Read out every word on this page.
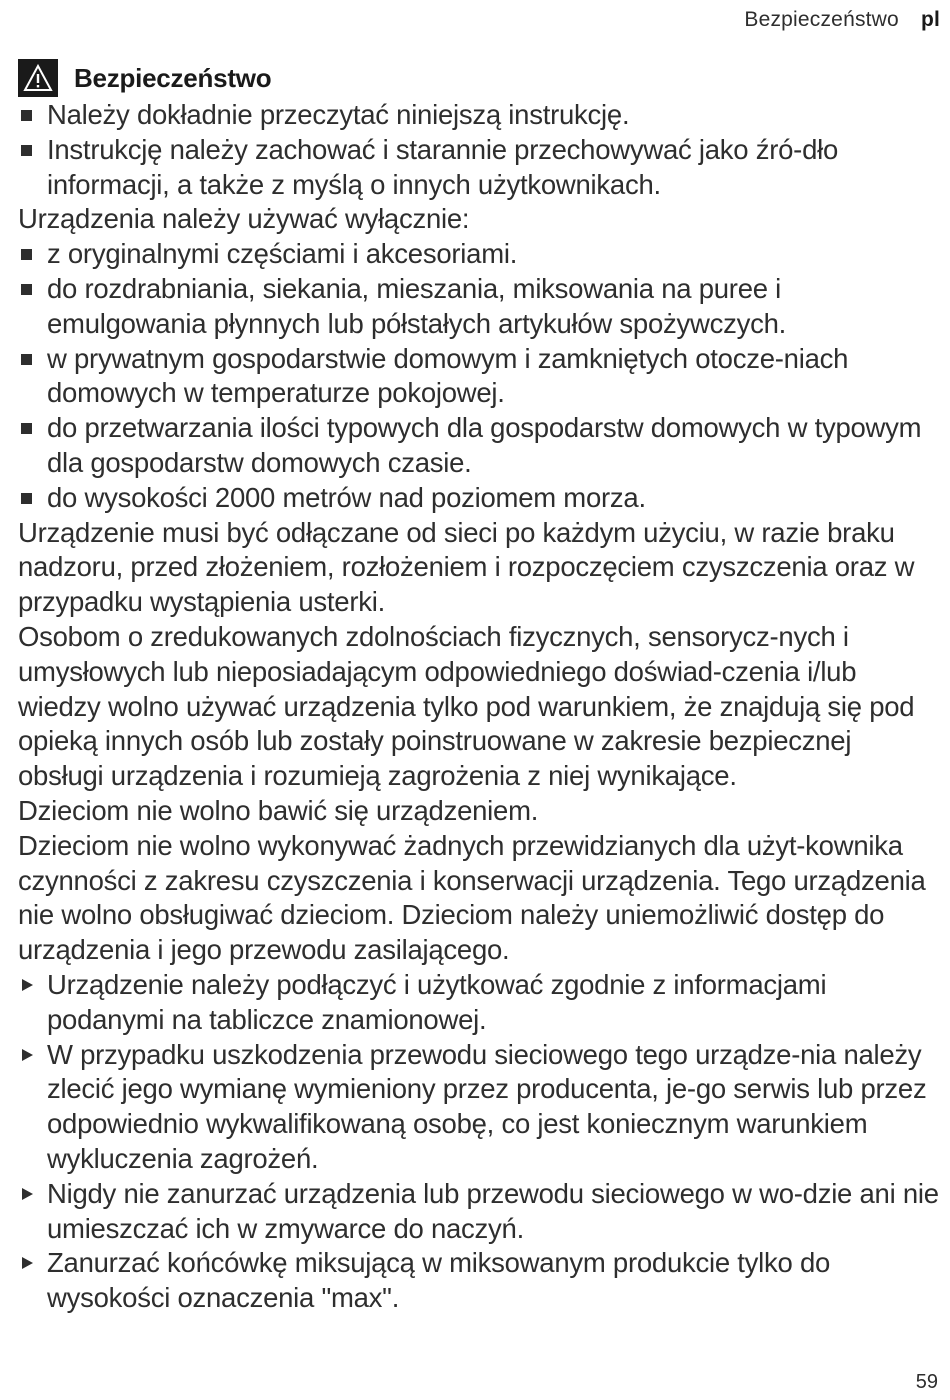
Bezpieczeństwo pl
Bezpieczeństwo
Należy dokładnie przeczytać niniejszą instrukcję.
Instrukcję należy zachować i starannie przechowywać jako źró-dło informacji, a także z myślą o innych użytkownikach.

Urządzenia należy używać wyłącznie:

z oryginalnymi częściami i akcesoriami.
do rozdrabniania, siekania, mieszania, miksowania na puree i emulgowania płynnych lub półstałych artykułów spożywczych.
w prywatnym gospodarstwie domowym i zamkniętych otocze-niach domowych w temperaturze pokojowej.
do przetwarzania ilości typowych dla gospodarstw domowych w typowym dla gospodarstw domowych czasie.
do wysokości 2000 metrów nad poziomem morza.

Urządzenie musi być odłączane od sieci po każdym użyciu, w razie braku nadzoru, przed złożeniem, rozłożeniem i rozpoczęciem czyszczenia oraz w przypadku wystąpienia usterki.

Osobom o zredukowanych zdolnościach fizycznych, sensorycz-nych i umysłowych lub nieposiadającym odpowiedniego doświad-czenia i/lub wiedzy wolno używać urządzenia tylko pod warunkiem, że znajdują się pod opieką innych osób lub zostały poinstruowane w zakresie bezpiecznej obsługi urządzenia i rozumieją zagrożenia z niej wynikające.

Dzieciom nie wolno bawić się urządzeniem.

Dzieciom nie wolno wykonywać żadnych przewidzianych dla użyt-kownika czynności z zakresu czyszczenia i konserwacji urządzenia. Tego urządzenia nie wolno obsługiwać dzieciom. Dzieciom należy uniemożliwić dostęp do urządzenia i jego przewodu zasilającego.

Urządzenie należy podłączyć i użytkować zgodnie z informacjami podanymi na tabliczce znamionowej.
W przypadku uszkodzenia przewodu sieciowego tego urządze-nia należy zlecić jego wymianę wymieniony przez producenta, je-go serwis lub przez odpowiednio wykwalifikowaną osobę, co jest koniecznym warunkiem wykluczenia zagrożeń.
Nigdy nie zanurzać urządzenia lub przewodu sieciowego w wo-dzie ani nie umieszczać ich w zmywarce do naczyń.
Zanurzać końcówkę miksującą w miksowanym produkcie tylko do wysokości oznaczenia "max".
59
